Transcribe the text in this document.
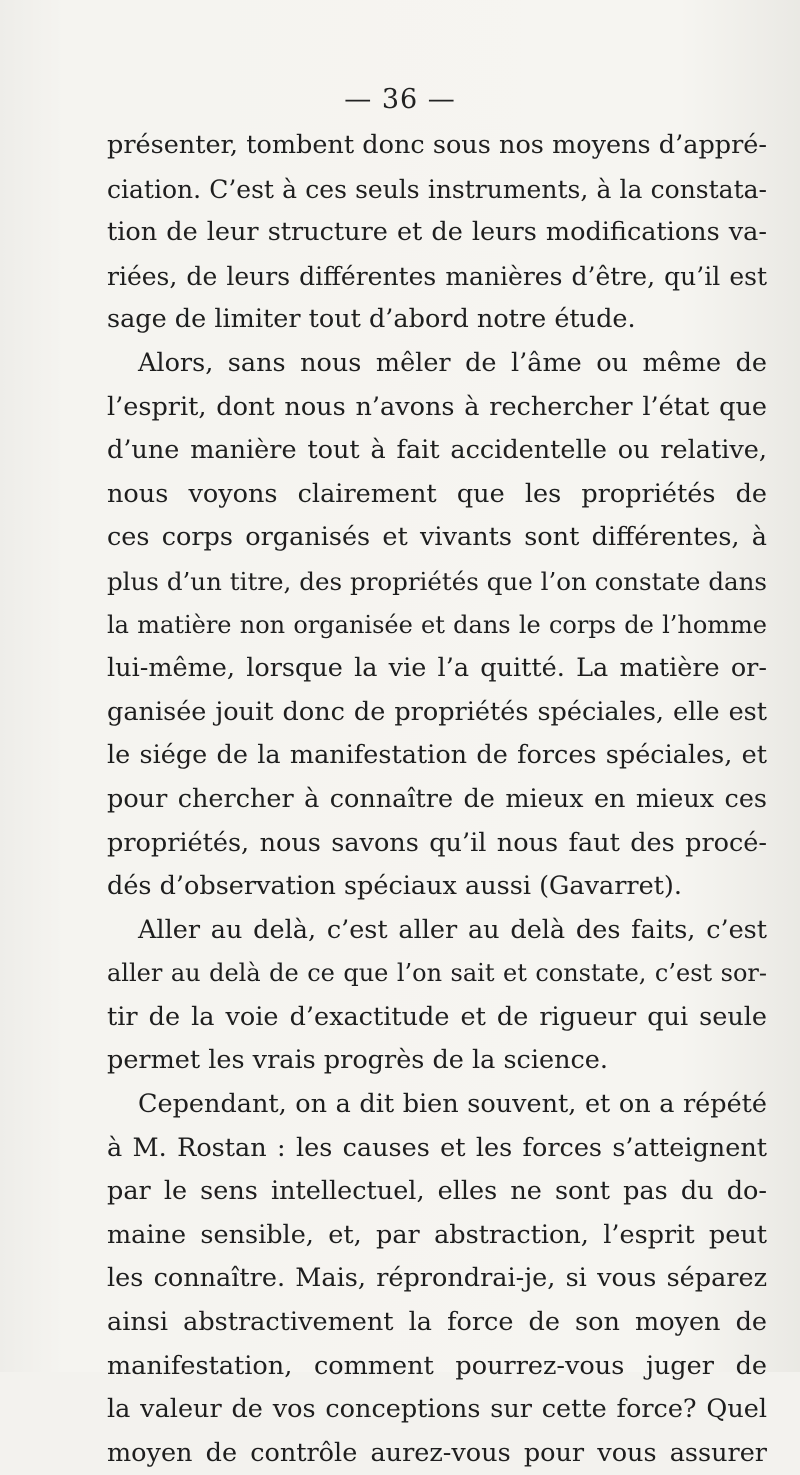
— 36 —
présenter, tombent donc sous nos moyens d’appré-
ciation. C’est à ces seuls instruments, à la constata-
tion de leur structure et de leurs modifications va-
riées, de leurs différentes manières d’être, qu’il est
sage de limiter tout d’abord notre étude.
Alors, sans nous mêler de l’âme ou même de
l’esprit, dont nous n’avons à rechercher l’état que
d’une manière tout à fait accidentelle ou relative,
nous voyons clairement que les propriétés de
ces corps organisés et vivants sont différentes, à
plus d’un titre, des propriétés que l’on constate dans
la matière non organisée et dans le corps de l’homme
lui-même, lorsque la vie l’a quitté. La matière or-
ganisée jouit donc de propriétés spéciales, elle est
le siége de la manifestation de forces spéciales, et
pour chercher à connaître de mieux en mieux ces
propriétés, nous savons qu’il nous faut des procé-
dés d’observation spéciaux aussi (Gavarret).
Aller au delà, c’est aller au delà des faits, c’est
aller au delà de ce que l’on sait et constate, c’est sor-
tir de la voie d’exactitude et de rigueur qui seule
permet les vrais progrès de la science.
Cependant, on a dit bien souvent, et on a répété
à M. Rostan : les causes et les forces s’atteignent
par le sens intellectuel, elles ne sont pas du do-
maine sensible, et, par abstraction, l’esprit peut
les connaître. Mais, réprondrai-je, si vous séparez
ainsi abstractivement la force de son moyen de
manifestation, comment pourrez-vous juger de
la valeur de vos conceptions sur cette force? Quel
moyen de contrôle aurez-vous pour vous assurer
